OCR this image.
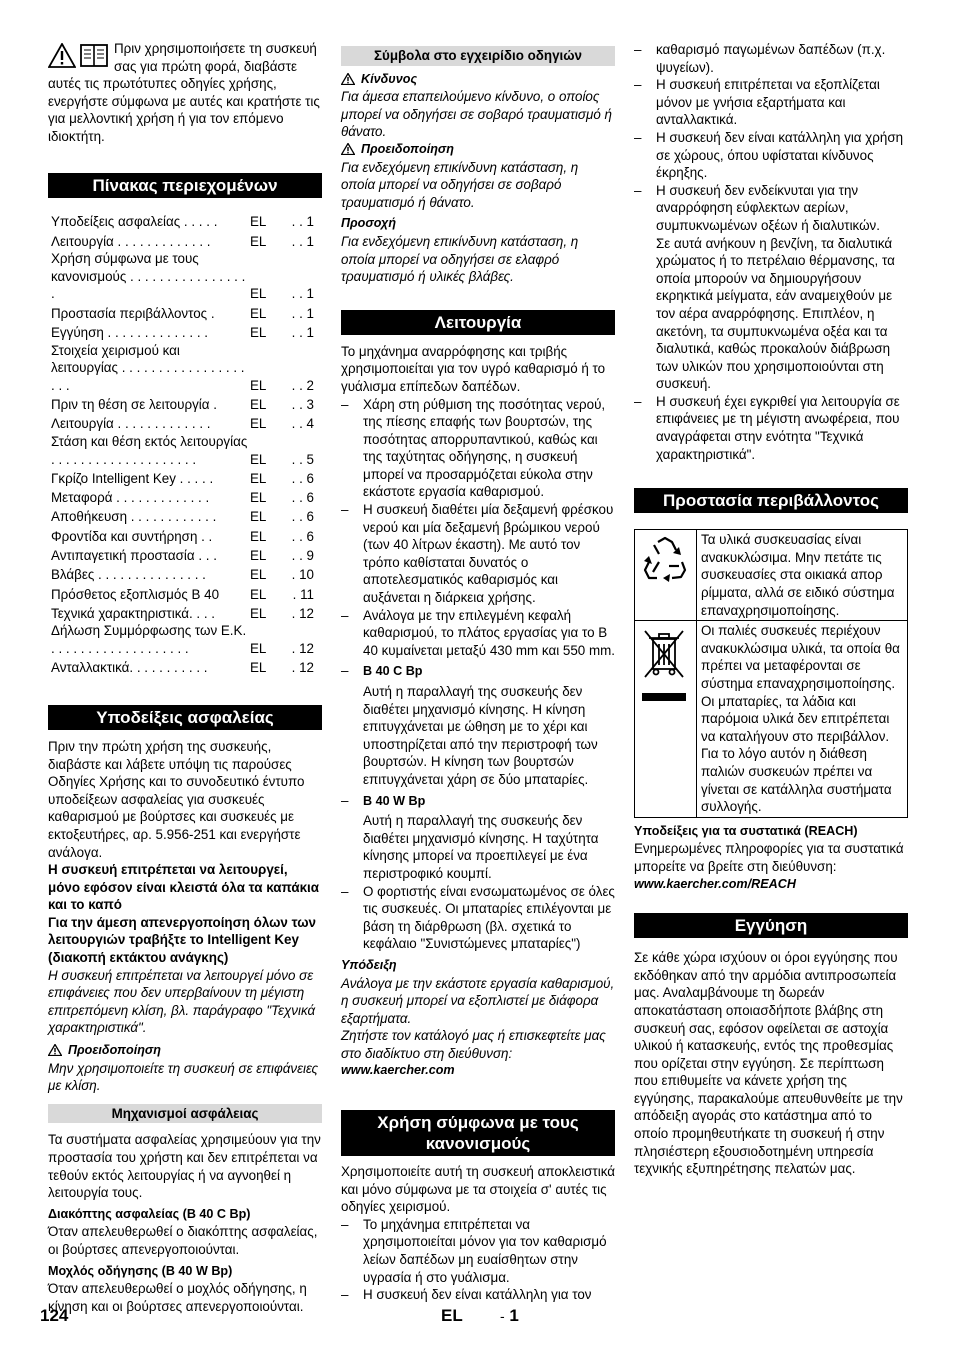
Πριν χρησιμοποιήσετε τη συσκευή σας για πρώτη φορά, διαβάστε αυτές τις πρωτότυπες οδηγίες χρήσης, ενεργήστε σύμφωνα με αυτές και κρατήστε τις για μελλοντική χρήση ή για τον επόμενο ιδιοκτήτη.

Πίνακας περιεχομένων
Υποδείξεις ασφαλείας . . . . .	EL	. . 1
Λειτουργία . . . . . . . . . . . . .	EL	. . 1
Χρήση σύμφωνα με τους κανονισμούς . . . . . . . . . . . . . . . . .	EL	. . 1
Προστασία περιβάλλοντος .	EL	. . 1
Εγγύηση . . . . . . . . . . . . . .	EL	. . 1
Στοιχεία χειρισμού και λειτουργίας . . . . . . . . . . . . . . . . . . . .	EL	. . 2
Πριν τη θέση σε λειτουργία .	EL	. . 3
Λειτουργία . . . . . . . . . . . . .	EL	. . 4
Στάση και θέση εκτός λειτουργίας . . . . . . . . . . . . . . . . . . . .	EL	. . 5
Γκρίζο Intelligent Key . . . . .	EL	. . 6
Μεταφορά . . . . . . . . . . . . .	EL	. . 6
Αποθήκευση . . . . . . . . . . . .	EL	. . 6
Φροντίδα και συντήρηση . .	EL	. . 6
Αντιπαγετική προστασία . . .	EL	. . 9
Βλάβες . . . . . . . . . . . . . . .	EL	. 10
Πρόσθετος εξοπλισμός B 40	EL	. 11
Τεχνικά χαρακτηριστικά. . . .	EL	. 12
Δήλωση Συμμόρφωσης των Ε.Κ. . . . . . . . . . . . . . . . . . . .	EL	. 12
Ανταλλακτικά. . . . . . . . . . .	EL	. 12
Υποδείξεις ασφαλείας

Πριν την πρώτη χρήση της συσκευής, διαβάστε και λάβετε υπόψη τις παρούσες Οδηγίες Χρήσης και το συνοδευτικό έντυπο υποδείξεων ασφαλείας για συσκευές καθαρισμού με βούρτσες και συσκευές με εκτοξευτήρες, αρ. 5.956-251 και ενεργήστε ανάλογα.

Η συσκευή επιτρέπεται να λειτουργεί, μόνο εφόσον είναι κλειστά όλα τα καπάκια και το καπό

Για την άμεση απενεργοποίηση όλων των λειτουργιών τραβήξτε το Intelligent Key (διακοπή εκτάκτου ανάγκης)

Η συσκευή επιτρέπεται να λειτουργεί μόνο σε επιφάνειες που δεν υπερβαίνουν τη μέγιστη επιτρεπόμενη κλίση, βλ. παράγραφο "Τεχνικά χαρακτηριστικά".

Προειδοποίηση

Μην χρησιμοποιείτε τη συσκευή σε επιφάνειες με κλίση.

Μηχανισμοί ασφάλειας

Τα συστήματα ασφαλείας χρησιμεύουν για την προστασία του χρήστη και δεν επιτρέπεται να τεθούν εκτός λειτουργίας ή να αγνοηθεί η λειτουργία τους.

Διακόπτης ασφαλείας (B 40 C Bp)

Όταν απελευθερωθεί ο διακόπτης ασφαλείας, οι βούρτσες απενεργοποιούνται.

Μοχλός οδήγησης (B 40 W Bp)

Όταν απελευθερωθεί ο μοχλός οδήγησης, η κίνηση και οι βούρτσες απενεργοποιούνται.

Σύμβολα στο εγχειρίδιο οδηγιών

Κίνδυνος

Για άμεσα επαπειλούμενο κίνδυνο, ο οποίος μπορεί να οδηγήσει σε σοβαρό τραυματισμό ή θάνατο.

Προειδοποίηση

Για ενδεχόμενη επικίνδυνη κατάσταση, η οποία μπορεί να οδηγήσει σε σοβαρό τραυματισμό ή θάνατο.

Προσοχή

Για ενδεχόμενη επικίνδυνη κατάσταση, η οποία μπορεί να οδηγήσει σε ελαφρό τραυματισμό ή υλικές βλάβες.

Λειτουργία

Το μηχάνημα αναρρόφησης και τριβής χρησιμοποιείται για τον υγρό καθαρισμό ή το γυάλισμα επίπεδων δαπέδων.

– Χάρη στη ρύθμιση της ποσότητας νερού, της πίεσης επαφής των βουρτσών, της ποσότητας απορρυπαντικού, καθώς και της ταχύτητας οδήγησης, η συσκευή μπορεί να προσαρμόζεται εύκολα στην εκάστοτε εργασία καθαρισμού.
– Η συσκευή διαθέτει μία δεξαμενή φρέσκου νερού και μία δεξαμενή βρώμικου νερού (των 40 λίτρων έκαστη). Με αυτό τον τρόπο καθίσταται δυνατός ο αποτελεσματικός καθαρισμός και αυξάνεται η διάρκεια χρήσης.
– Ανάλογα με την επιλεγμένη κεφαλή καθαρισμού, το πλάτος εργασίας για το B 40 κυμαίνεται μεταξύ 430 mm και 550 mm.
– B 40 C Bp

Αυτή η παραλλαγή της συσκευής δεν διαθέτει μηχανισμό κίνησης. Η κίνηση επιτυγχάνεται με ώθηση με το χέρι και υποστηρίζεται από την περιστροφή των βουρτσών. Η κίνηση των βουρτσών επιτυγχάνεται χάρη σε δύο μπαταρίες.

– B 40 W Bp

Αυτή η παραλλαγή της συσκευής δεν διαθέτει μηχανισμό κίνησης. Η ταχύτητα κίνησης μπορεί να προεπιλεγεί με ένα περιστροφικό κουμπί.

– Ο φορτιστής είναι ενσωματωμένος σε όλες τις συσκευές. Οι μπαταρίες επιλέγονται με βάση τη διάρθρωση (βλ. σχετικά το κεφάλαιο "Συνιστώμενες μπαταρίες")

Υπόδειξη

Ανάλογα με την εκάστοτε εργασία καθαρισμού, η συσκευή μπορεί να εξοπλιστεί με διάφορα εξαρτήματα.

Ζητήστε τον κατάλογό μας ή επισκεφτείτε μας στο διαδίκτυο στη διεύθυνση:

www.kaercher.com

Χρήση σύμφωνα με τους κανονισμούς

Χρησιμοποιείτε αυτή τη συσκευή αποκλειστικά και μόνο σύμφωνα με τα στοιχεία σ' αυτές τις οδηγίες χειρισμού.

– Το μηχάνημα επιτρέπεται να χρησιμοποιείται μόνον για τον καθαρισμό λείων δαπέδων μη ευαίσθητων στην υγρασία ή στο γυάλισμα.
– Η συσκευή δεν είναι κατάλληλη για τον
– καθαρισμό παγωμένων δαπέδων (π.χ. ψυγείων).
– Η συσκευή επιτρέπεται να εξοπλίζεται μόνον με γνήσια εξαρτήματα και ανταλλακτικά.
– Η συσκευή δεν είναι κατάλληλη για χρήση σε χώρους, όπου υφίσταται κίνδυνος έκρηξης.

– Η συσκευή δεν ενδείκνυται για την αναρρόφηση εύφλεκτων αερίων, συμπυκνωμένων οξέων ή διαλυτικών.

Σε αυτά ανήκουν η βενζίνη, τα διαλυτικά χρώματος ή το πετρέλαιο θέρμανσης, τα οποία μπορούν να δημιουργήσουν εκρηκτικά μείγματα, εάν αναμειχθούν με τον αέρα αναρρόφησης. Επιπλέον, η ακετόνη, τα συμπυκνωμένα οξέα και τα διαλυτικά, καθώς προκαλούν διάβρωση των υλικών που χρησιμοποιούνται στη συσκευή.

– Η συσκευή έχει εγκριθεί για λειτουργία σε επιφάνειες με τη μέγιστη ανωφέρεια, που αναγράφεται στην ενότητα "Τεχνικά χαρακτηριστικά".
Προστασία περιβάλλοντος
	Τα υλικά συσκευασίας είναι ανακυκλώσιμα. Μην πετάτε τις συσκευασίες στα οικιακά απορ ρίμματα, αλλά σε ειδικό σύστημα επαναχρησιμοποίησης.
	Οι παλιές συσκευές περιέχουν ανακυκλώσιμα υλικά, τα οποία θα πρέπει να μεταφέρονται σε σύστημα επαναχρησιμοποίησης. Οι μπαταρίες, τα λάδια και παρόμοια υλικά δεν επιτρέπεται να καταλήγουν στο περιβάλλον. Για το λόγο αυτόν η διάθεση παλιών συσκευών πρέπει να γίνεται σε κατάλληλα συστήματα συλλογής.

Υποδείξεις για τα συστατικά (REACH)

Ενημερωμένες πληροφορίες για τα συστατικά μπορείτε να βρείτε στη διεύθυνση:

www.kaercher.com/REACH

Εγγύηση

Σε κάθε χώρα ισχύουν οι όροι εγγύησης που εκδόθηκαν από την αρμόδια αντιπροσωπεία μας. Αναλαμβάνουμε τη δωρεάν αποκατάσταση οποιασδήποτε βλάβης στη συσκευή σας, εφόσον οφείλεται σε αστοχία υλικού ή κατασκευής, εντός της προθεσμίας που ορίζεται στην εγγύηση. Σε περίπτωση που επιθυμείτε να κάνετε χρήση της εγγύησης, παρακαλούμε απευθυνθείτε με την απόδειξη αγοράς στο κατάστημα από το οποίο προμηθευτήκατε τη συσκευή ή στην πλησιέστερη εξουσιοδοτημένη υπηρεσία τεχνικής εξυπηρέτησης πελατών μας.

124	EL	- 1
